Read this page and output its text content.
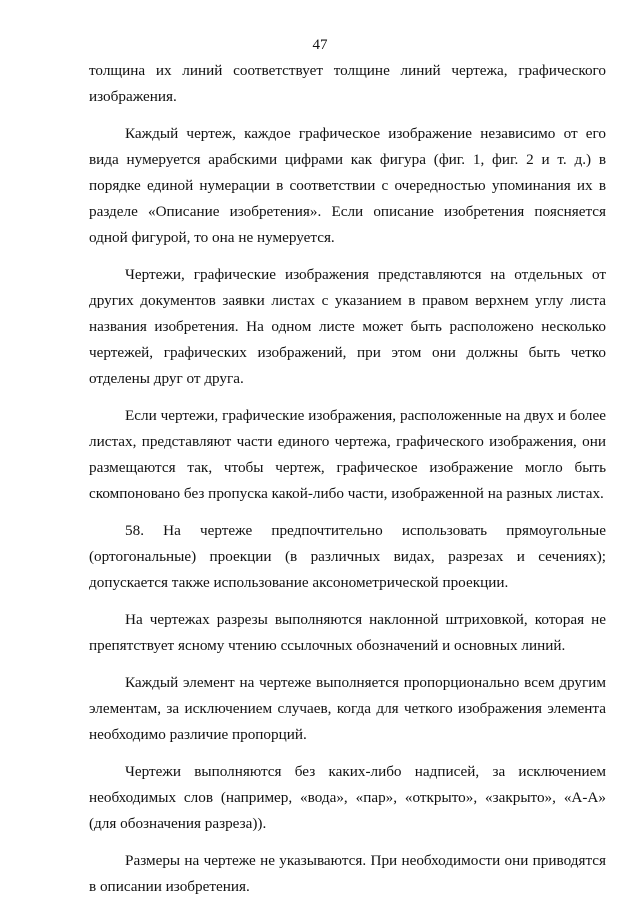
47

толщина их линий соответствует толщине линий чертежа, графического изображения.

Каждый чертеж, каждое графическое изображение независимо от его вида нумеруется арабскими цифрами как фигура (фиг. 1, фиг. 2 и т. д.) в порядке единой нумерации в соответствии с очередностью упоминания их в разделе «Описание изобретения». Если описание изобретения поясняется одной фигурой, то она не нумеруется.

Чертежи, графические изображения представляются на отдельных от других документов заявки листах с указанием в правом верхнем углу листа названия изобретения. На одном листе может быть расположено несколько чертежей, графических изображений, при этом они должны быть четко отделены друг от друга.

Если чертежи, графические изображения, расположенные на двух и более листах, представляют части единого чертежа, графического изображения, они размещаются так, чтобы чертеж, графическое изображение могло быть скомпоновано без пропуска какой-либо части, изображенной на разных листах.

58. На чертеже предпочтительно использовать прямоугольные (ортогональные) проекции (в различных видах, разрезах и сечениях); допускается также использование аксонометрической проекции.

На чертежах разрезы выполняются наклонной штриховкой, которая не препятствует ясному чтению ссылочных обозначений и основных линий.

Каждый элемент на чертеже выполняется пропорционально всем другим элементам, за исключением случаев, когда для четкого изображения элемента необходимо различие пропорций.

Чертежи выполняются без каких-либо надписей, за исключением необходимых слов (например, «вода», «пар», «открыто», «закрыто», «А-А» (для обозначения разреза)).

Размеры на чертеже не указываются. При необходимости они приводятся в описании изобретения.
